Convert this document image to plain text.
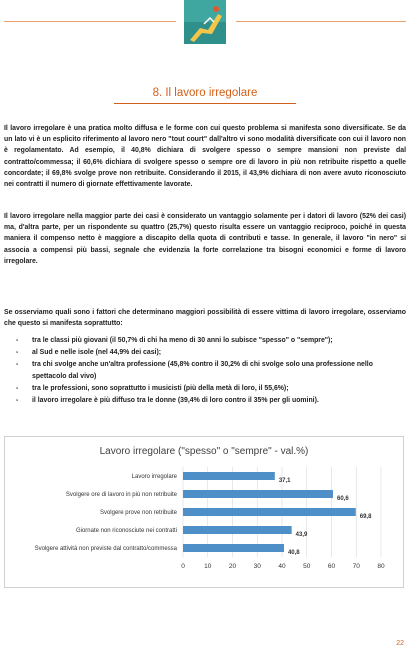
8. Il lavoro irregolare

Il lavoro irregolare è una pratica molto diffusa e le forme con cui questo problema si manifesta sono diversificate. Se da un lato vi è un esplicito riferimento al lavoro nero "tout court" dall'altro vi sono modalità diversificate con cui il lavoro non è regolamentato. Ad esempio, il 40,8% dichiara di svolgere spesso o sempre mansioni non previste dal contratto/commessa; il 60,6% dichiara di svolgere spesso o sempre ore di lavoro in più non retribuite rispetto a quelle concordate; il 69,8% svolge prove non retribuite. Considerando il 2015, il 43,9% dichiara di non avere avuto riconosciuto nei contratti il numero di giornate effettivamente lavorate.

Il lavoro irregolare nella maggior parte dei casi è considerato un vantaggio solamente per i datori di lavoro (52% dei casi) ma, d'altra parte, per un rispondente su quattro (25,7%) questo risulta essere un vantaggio reciproco, poiché in questa maniera il compenso netto è maggiore a discapito della quota di contributi e tasse. In generale, il lavoro "in nero" si associa a compensi più bassi, segnale che evidenzia la forte correlazione tra bisogni economici e forme di lavoro irregolare.

Se osserviamo quali sono i fattori che determinano maggiori possibilità di essere vittima di lavoro irregolare, osserviamo che questo si manifesta soprattutto:

- tra le classi più giovani (il 50,7% di chi ha meno di 30 anni lo subisce "spesso" o "sempre");
- al Sud e nelle isole (nel 44,9% dei casi);
- tra chi svolge anche un'altra professione (45,8% contro il 30,2% di chi svolge solo una professione nello spettacolo dal vivo)
- tra le professioni, sono soprattutto i musicisti (più della metà di loro, il 55,6%);
- il lavoro irregolare è più diffuso tra le donne (39,4% di loro contro il 35% per gli uomini).
Lavoro irregolare ("spesso" o "sempre" - val.%)
0	10	20	30	40	50	60	70	80
Lavoro irregolare
37,1
Svolgere ore di lavoro in più non retribuite
60,6
Svolgere prove non retribuite
69,8
Giornate non riconosciute nei contratti
43,9
Svolgere attività non previste dal contratto/commessa
40,8
22
